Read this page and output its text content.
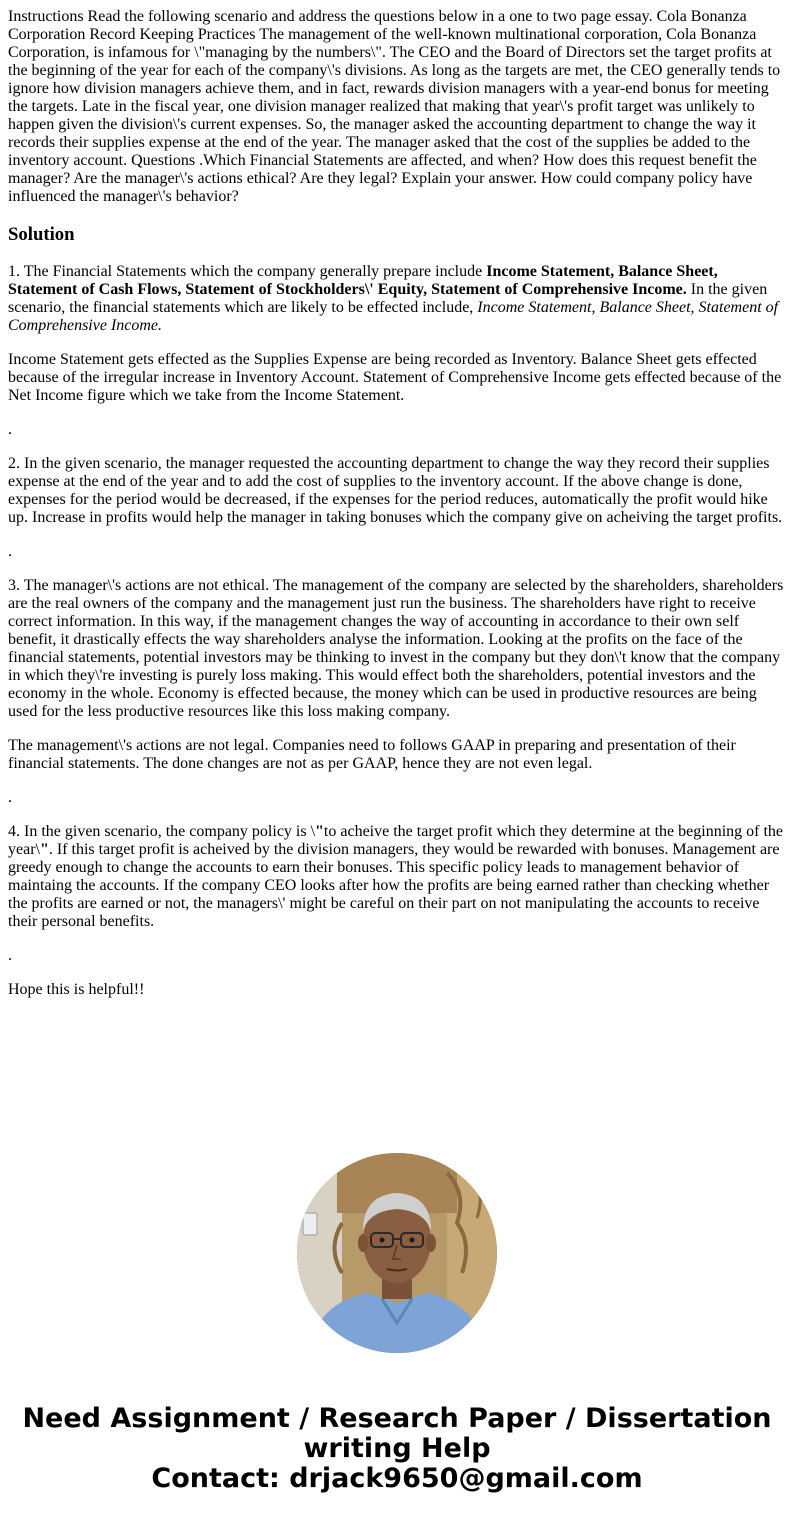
Instructions Read the following scenario and address the questions below in a one to two page essay. Cola Bonanza Corporation Record Keeping Practices The management of the well-known multinational corporation, Cola Bonanza Corporation, is infamous for \"managing by the numbers\". The CEO and the Board of Directors set the target profits at the beginning of the year for each of the company\'s divisions. As long as the targets are met, the CEO generally tends to ignore how division managers achieve them, and in fact, rewards division managers with a year-end bonus for meeting the targets. Late in the fiscal year, one division manager realized that making that year\'s profit target was unlikely to happen given the division\'s current expenses. So, the manager asked the accounting department to change the way it records their supplies expense at the end of the year. The manager asked that the cost of the supplies be added to the inventory account. Questions .Which Financial Statements are affected, and when? How does this request benefit the manager? Are the manager\'s actions ethical? Are they legal? Explain your answer. How could company policy have influenced the manager\'s behavior?

Solution

1. The Financial Statements which the company generally prepare include Income Statement, Balance Sheet, Statement of Cash Flows, Statement of Stockholders\' Equity, Statement of Comprehensive Income. In the given scenario, the financial statements which are likely to be effected include, Income Statement, Balance Sheet, Statement of Comprehensive Income.

Income Statement gets effected as the Supplies Expense are being recorded as Inventory. Balance Sheet gets effected because of the irregular increase in Inventory Account. Statement of Comprehensive Income gets effected because of the Net Income figure which we take from the Income Statement.

.

2. In the given scenario, the manager requested the accounting department to change the way they record their supplies expense at the end of the year and to add the cost of supplies to the inventory account. If the above change is done, expenses for the period would be decreased, if the expenses for the period reduces, automatically the profit would hike up. Increase in profits would help the manager in taking bonuses which the company give on acheiving the target profits.

.

3. The manager\'s actions are not ethical. The management of the company are selected by the shareholders, shareholders are the real owners of the company and the management just run the business. The shareholders have right to receive correct information. In this way, if the management changes the way of accounting in accordance to their own self benefit, it drastically effects the way shareholders analyse the information. Looking at the profits on the face of the financial statements, potential investors may be thinking to invest in the company but they don\'t know that the company in which they\'re investing is purely loss making. This would effect both the shareholders, potential investors and the economy in the whole. Economy is effected because, the money which can be used in productive resources are being used for the less productive resources like this loss making company.

The management\'s actions are not legal. Companies need to follows GAAP in preparing and presentation of their financial statements. The done changes are not as per GAAP, hence they are not even legal.

.

4. In the given scenario, the company policy is \"to acheive the target profit which they determine at the beginning of the year\". If this target profit is acheived by the division managers, they would be rewarded with bonuses. Management are greedy enough to change the accounts to earn their bonuses. This specific policy leads to management behavior of maintaing the accounts. If the company CEO looks after how the profits are being earned rather than checking whether the profits are earned or not, the managers\' might be careful on their part on not manipulating the accounts to receive their personal benefits.

.

Hope this is helpful!!

Need Assignment / Research Paper / Dissertation
writing Help
Contact: drjack9650@gmail.com
